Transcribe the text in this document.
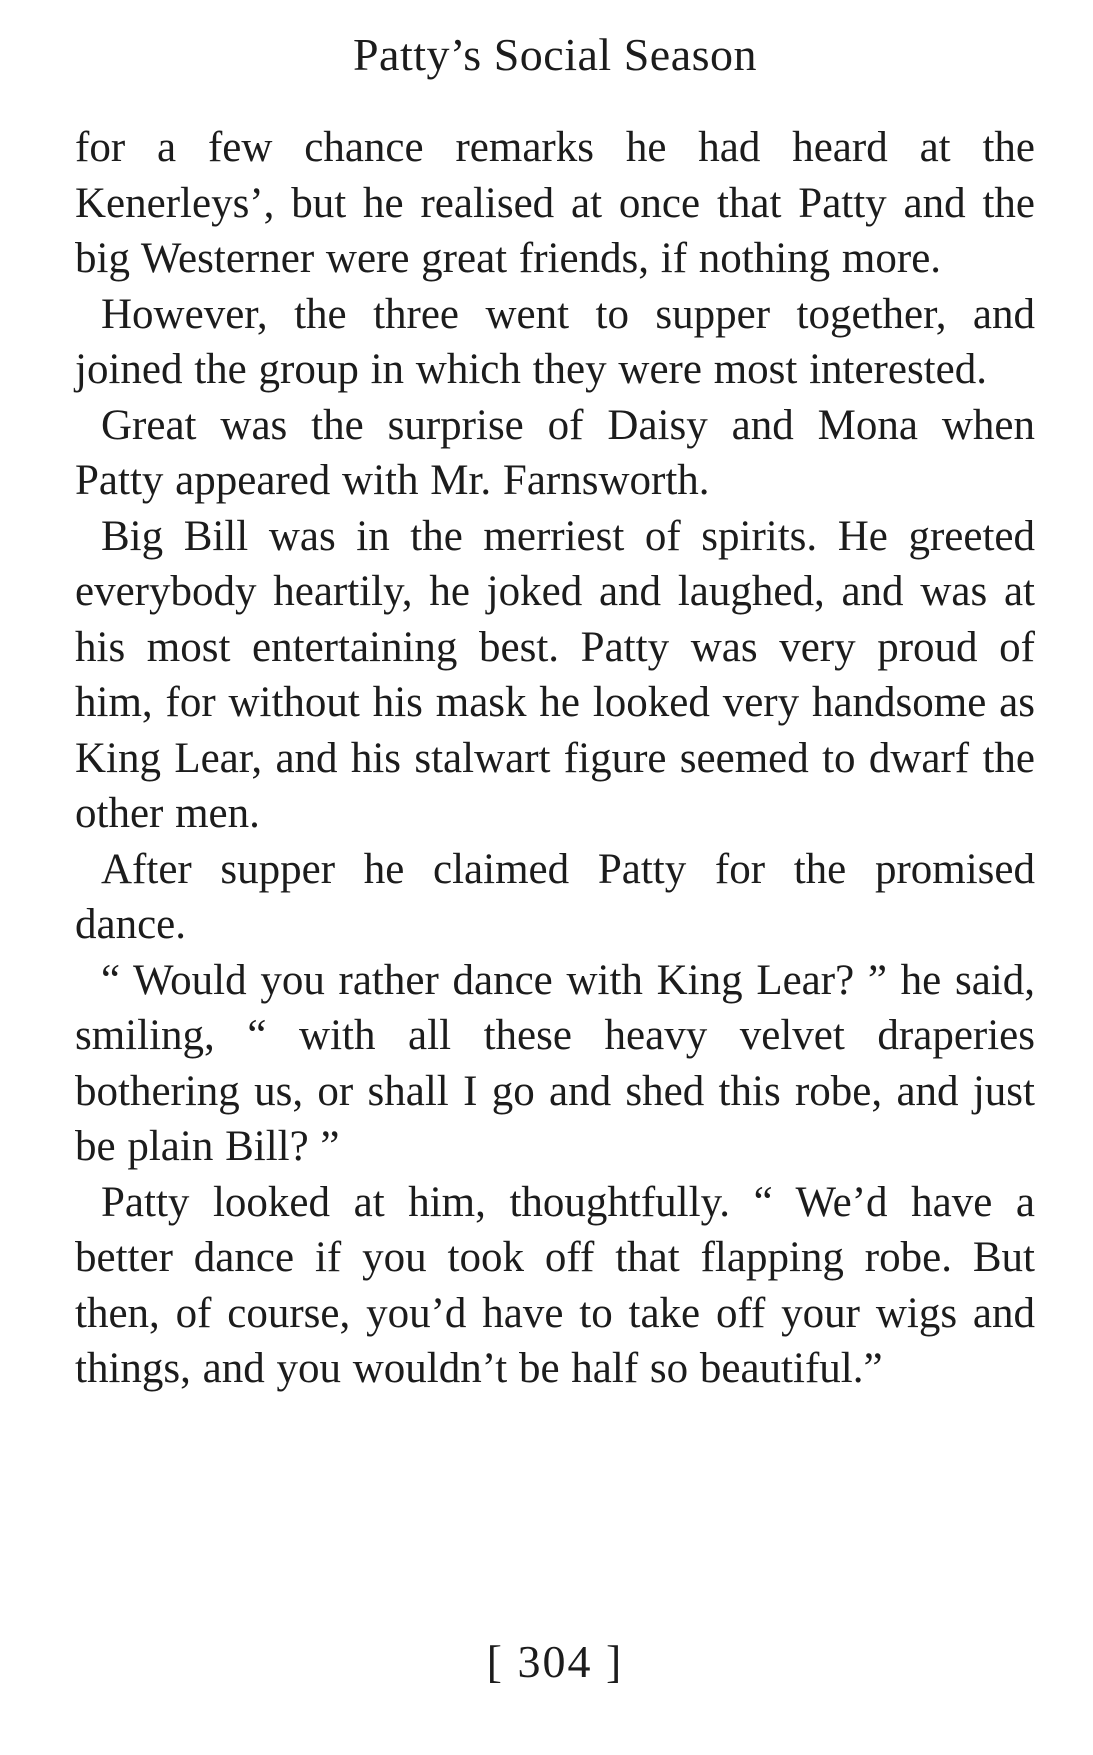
Patty’s Social Season

for a few chance remarks he had heard at the Kenerleys’, but he realised at once that Patty and the big Westerner were great friends, if nothing more.

However, the three went to supper together, and joined the group in which they were most interested.

Great was the surprise of Daisy and Mona when Patty appeared with Mr. Farnsworth.

Big Bill was in the merriest of spirits. He greeted everybody heartily, he joked and laughed, and was at his most entertaining best. Patty was very proud of him, for without his mask he looked very handsome as King Lear, and his stalwart figure seemed to dwarf the other men.

After supper he claimed Patty for the promised dance.

“ Would you rather dance with King Lear? ” he said, smiling, “ with all these heavy velvet draperies bothering us, or shall I go and shed this robe, and just be plain Bill? ”

Patty looked at him, thoughtfully. “ We’d have a better dance if you took off that flapping robe. But then, of course, you’d have to take off your wigs and things, and you wouldn’t be half so beautiful.”

[ 304 ]
